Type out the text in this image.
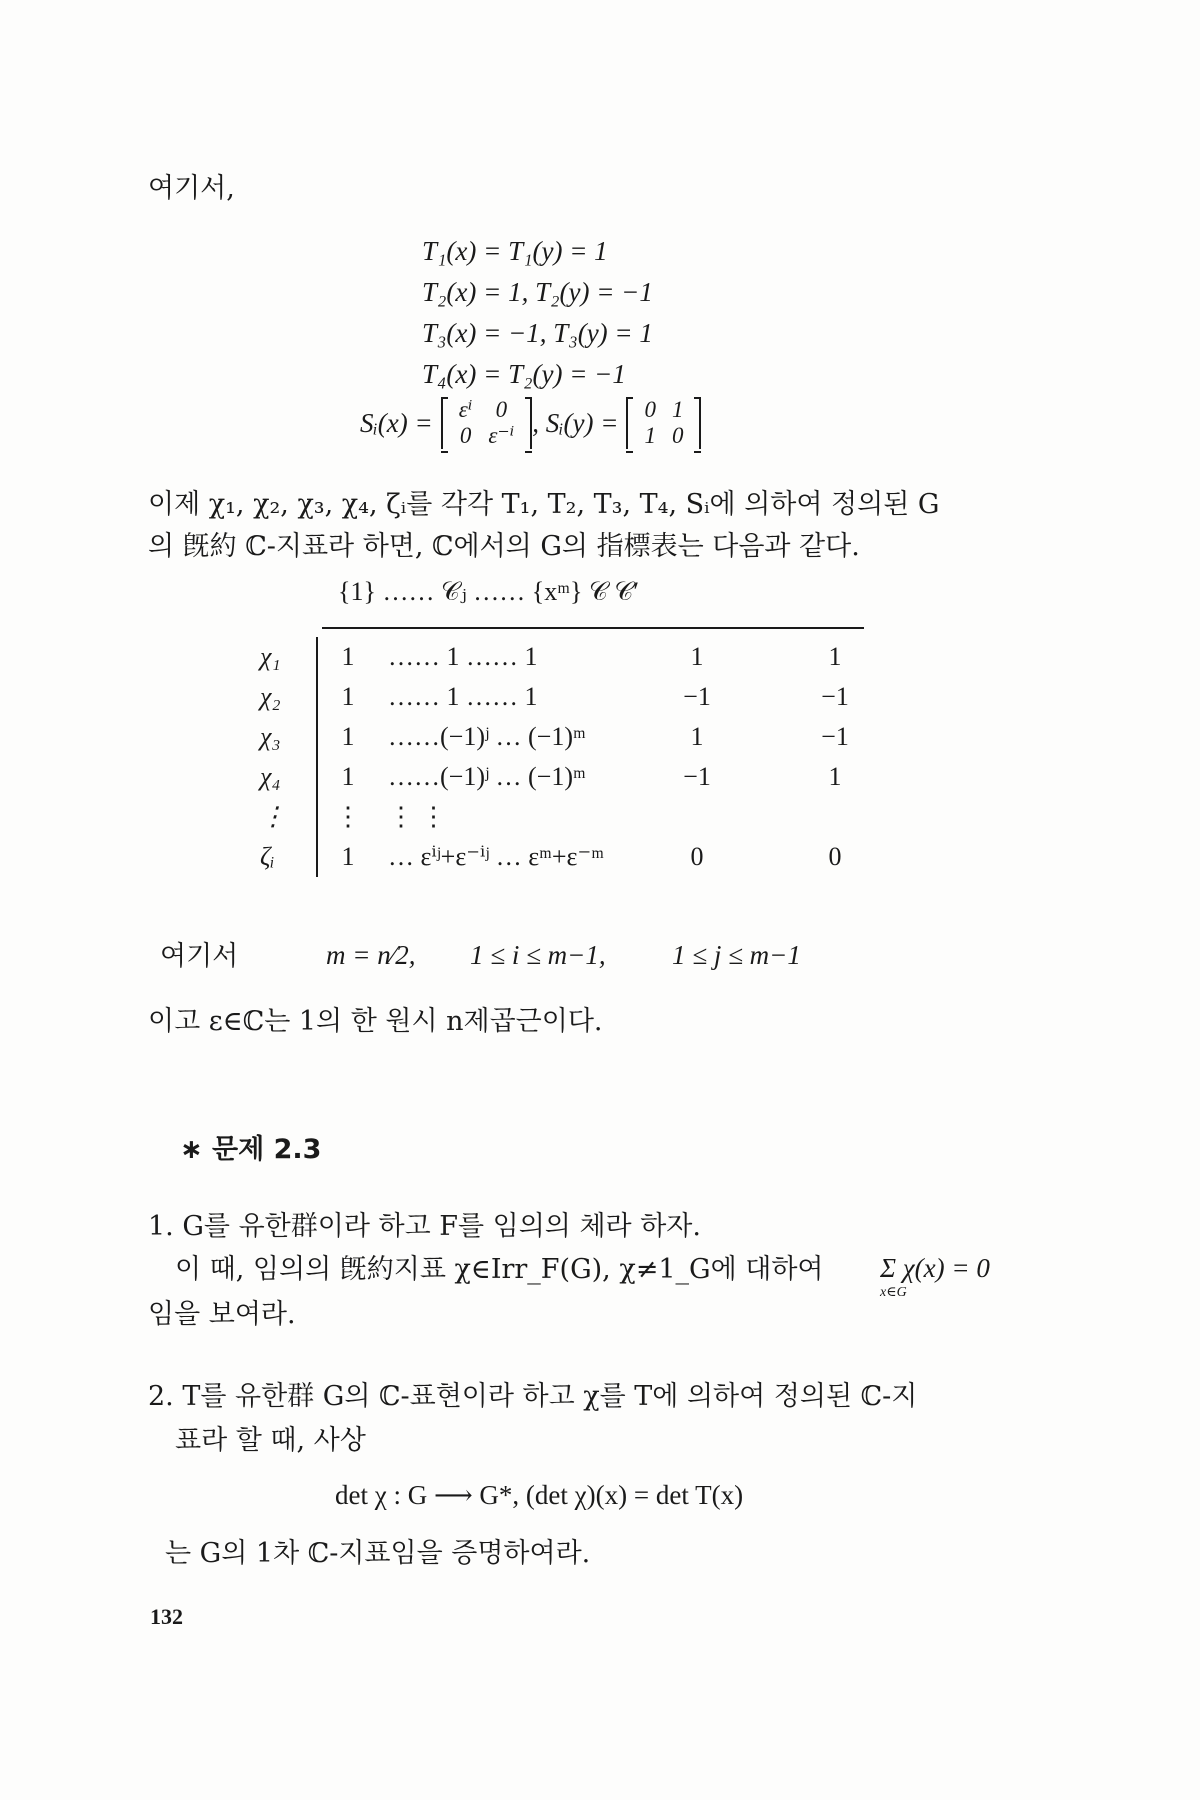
여기서,
T₁(x) = T₁(y) = 1
T₂(x) = 1, T₂(y) = −1
T₃(x) = −1, T₃(y) = 1
T₄(x) = T₂(y) = −1
Sᵢ(x) = εⁱ	0
0	ε⁻ⁱ , Sᵢ(y) = 0	1
1	0
이제 χ₁, χ₂, χ₃, χ₄, ζᵢ를 각각 T₁, T₂, T₃, T₄, Sᵢ에 의하여 정의된 G
의 旣約 ℂ-지표라 하면, ℂ에서의 G의 指標表는 다음과 같다.
{1} …… 𝒞ⱼ …… {xᵐ} 𝒞 𝒞′
χ₁	1	…… 1 …… 1	1	1
χ₂	1	…… 1 …… 1	−1	−1
χ₃	1	……(−1)ʲ … (−1)ᵐ	1	−1
χ₄	1	……(−1)ʲ … (−1)ᵐ	−1	1
⋮	⋮	⋮ ⋮		
ζᵢ	1	… εⁱʲ+ε⁻ⁱʲ … εᵐ+ε⁻ᵐ	0	0
여기서	m = n⁄2, 1 ≤ i ≤ m−1, 1 ≤ j ≤ m−1
이고 ε∈ℂ는 1의 한 원시 n제곱근이다.
∗ 문제 2.3
1. G를 유한群이라 하고 F를 임의의 체라 하자.
이 때, 임의의 旣約지표 χ∈Irr_F(G), χ≠1_G에 대하여 Σ χ(x) = 0
x∈G
임을 보여라.
2. T를 유한群 G의 ℂ-표현이라 하고 χ를 T에 의하여 정의된 ℂ-지
표라 할 때, 사상
det χ : G ⟶ G*, (det χ)(x) = det T(x)
는 G의 1차 ℂ-지표임을 증명하여라.
132
